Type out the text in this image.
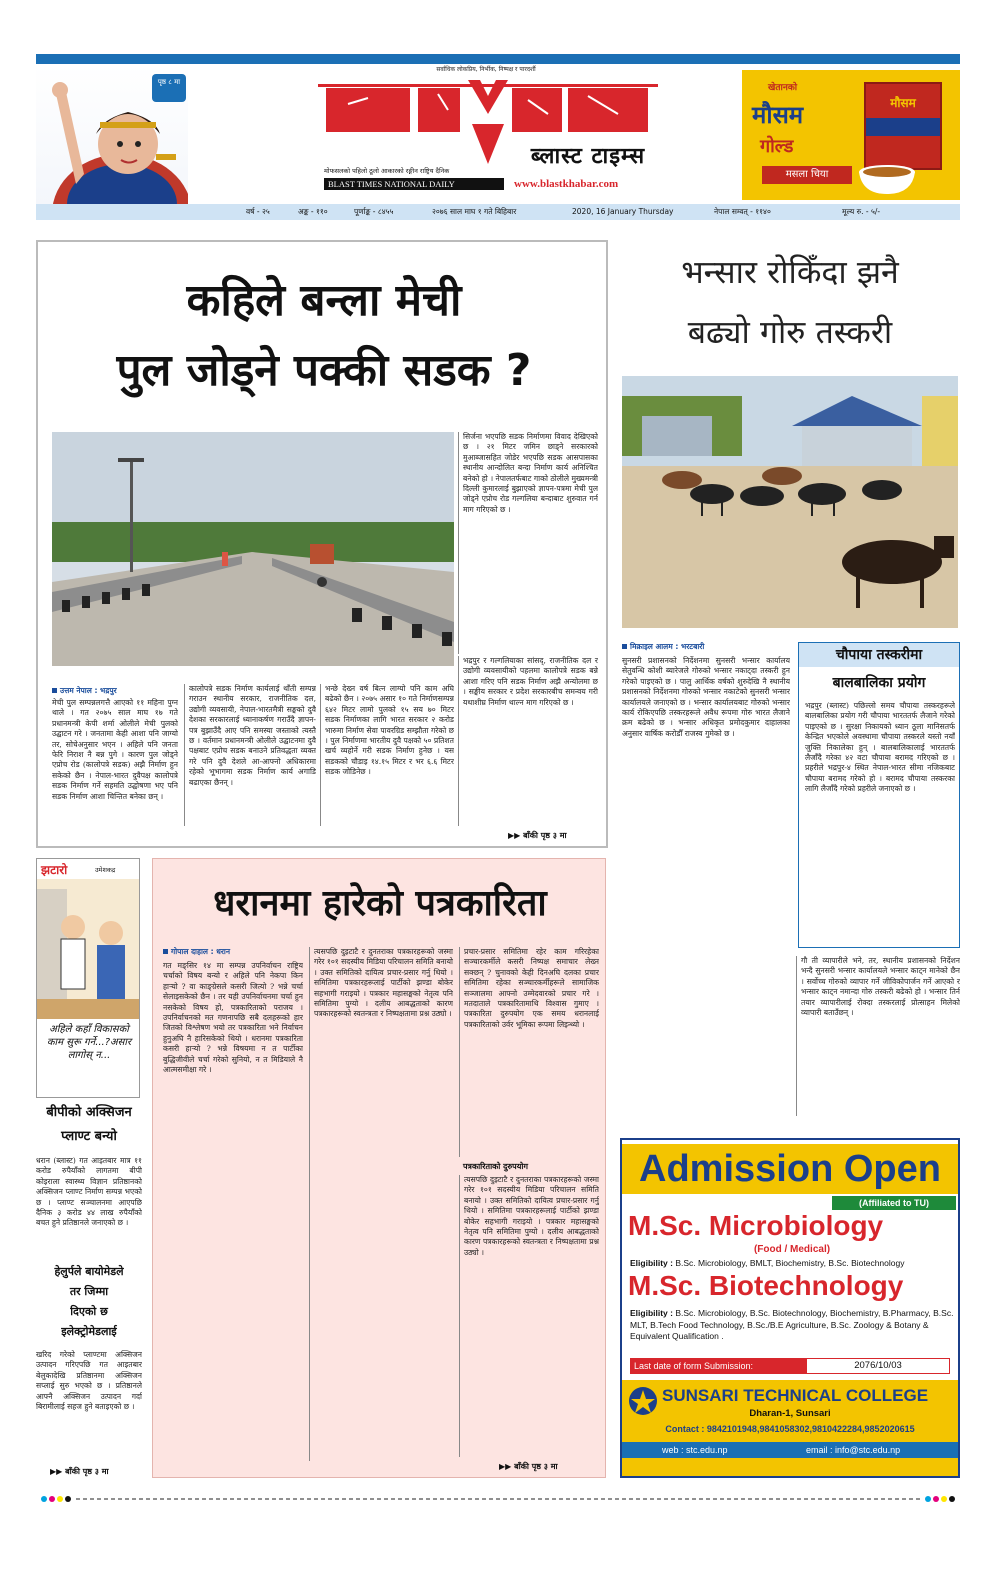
पृष्ठ ८ मा
सर्वाधिक लोकप्रिय, निर्भीक, निष्पक्ष र पारदर्शी
ब्लास्ट टाइम्स
मोफसलको पहिलो ठूलो आकारको रङ्गीन राष्ट्रिय दैनिक
BLAST TIMES NATIONAL DAILY	www.blastkhabar.com
खेतानको
मौसम
गोल्ड
मसला चिया
मौसम
वर्ष - २५	अङ्क - ११०	पूर्णाङ्क - ८४५५	२०७६ साल माघ १ गते बिहिबार	2020, 16 January Thursday	नेपाल सम्वत् - ११४०	मूल्य रु. - ५/-
कहिले बन्ला मेची
पुल जोड्ने पक्की सडक ?
उत्तम नेपाल : भद्रपुर
मेची पुल सम्पन्नलगत्तै आएको ११ महिना पुग्न थाले । गत २०७५ साल माघ १७ गते प्रधानमन्त्री केपी शर्मा ओलीले मेची पुलको उद्घाटन गरे । जनतामा केही आशा पनि जाग्यो तर, सोचेअनुसार भएन । अहिले पनि जनता फेरि निराश नै बन्न पुगे । कारण पुल जोड्ने एप्रोच रोड (कालोपत्रे सडक) अझै निर्माण हुन सकेको छैन । नेपाल-भारत दुवैपक्ष कालोपत्रे सडक निर्माण गर्ने सहमति उद्घोषणा भए पनि सडक निर्माण आशा चिन्तित बनेका छन् ।
कालोपत्रे सडक निर्माण कार्यलाई थाँती सम्पन्न गराउन स्थानीय सरकार, राजनीतिक दल, उद्योगी व्यवसायी, नेपाल-भारतमैत्री सङ्घको दुवै देशका सरकारलाई ध्यानाकर्षण गराउँदै ज्ञापन-पत्र बुझाउँदै आए पनि समस्या जस्ताको त्यस्तै छ । वर्तमान प्रधानमन्त्री ओलीले उद्घाटनमा दुवै पक्षबाट एप्रोच सडक बनाउने प्रतिवद्धता व्यक्त गरे पनि दुवै देशले आ-आफ्नो अधिकारमा रहेको भूभागमा सडक निर्माण कार्य अगाडि बढाएका छैनन् ।
भन्छे देख्न वर्ष बित्न लाग्यो पनि काम अघि बढेको छैन । २०७५ असार १० गते निर्माणसम्पन्न ६४२ मिटर लामो पुलको १५ सय ७० मिटर सडक निर्माणका लागि भारत सरकार २ करोड भारुमा निर्माण सेवा पावरग्रिड सम्झौता गरेको छ । पुल निर्माणमा भारतीय दुवै पक्षको ५० प्रतिशत खर्च व्यहोर्ने गरी सडक निर्माण हुनेछ । यस सडकको चौडाइ १४.१५ मिटर र भर ६.६ मिटर सडक जोडिनेछ ।
सिर्जना भएपछि सडक निर्माणमा विवाद देखिएको छ । २१ मिटर जमिन छाड्ने सरकारको मुआब्जासहित जोडेर भएपछि सडक आसपासका स्थानीय आन्दोलित बन्दा निर्माण कार्य अनिश्चित बनेको हो । नेपालतर्फबाट गाको ठोलीले मुख्यमन्त्री दिल्ली कुमारलाई बुझाएको ज्ञापन-पत्रमा मेची पुल जोड्ने एप्रोच रोड गल्गलिया बन्दाबाट शुरुवात गर्न माग गरिएको छ ।
भद्रपुर र गल्गलियाका सांसद्, राजनीतिक दल र उद्योगी व्यवसायीको पहलमा कालोपत्रे सडक बन्ने आशा गरिए पनि सडक निर्माण अझै अन्योलमा छ । सङ्घीय सरकार र प्रदेश सरकारबीच समन्वय गरी यथाशीघ्र निर्माण थाल्न माग गरिएको छ ।
▶▶ बाँकी पृष्ठ ३ मा
भन्सार रोकिँदा झनै
बढ्यो गोरु तस्करी
मिक्राइल आलम : भरटबारी
सुनसरी प्रशासनको निर्देशनमा सुनसरी भन्सार कार्यालय सेतुवन्धि कोशी ब्यारेजले गोरुको भन्सार नकाट्दा तस्करी हुन गरेको पाइएको छ । पालु आर्थिक वर्षको शुरुदेखि नै स्थानीय प्रशासनको निर्देशनमा गोरुको भन्सार नकाटेको सुनसरी भन्सार कार्यालयले जनाएको छ । भन्सार कार्यालयबाट गोरुको भन्सार कार्य रोकिएपछि तस्करहरूले अवैध रूपमा गोरु भारत लैजाने क्रम बढेको छ । भन्सार अधिकृत प्रमोदकुमार दाहालका अनुसार वार्षिक करोडौँ राजस्व गुमेको छ ।
गौ ती व्यापारीले भने, तर, स्थानीय प्रशासनको निर्देशन भन्दै सुनसरी भन्सार कार्यालयले भन्सार काट्न मानेको छैन । सर्वोच्च गोरुको व्यापार गर्ने जीविकोपार्जन गर्ने आएको र भन्सार काट्न नमान्दा गोरु तस्करी बढेको हो । भन्सार तिर्न तयार व्यापारीलाई रोक्दा तस्करलाई प्रोत्साहन मिलेको व्यापारी बताउँछन् ।
चौपाया तस्करीमा
बालबालिका प्रयोग
भद्रपुर (ब्लास्ट) पछिल्लो समय चौपाया तस्करहरूले बालबालिका प्रयोग गरी चौपाया भारततर्फ लैजाने गरेको पाइएको छ । सुरक्षा निकायको ध्यान ठूला मानिसतर्फ केन्द्रित भएकोले अवस्थामा चौपाया तस्करले यस्तो नयाँ जुक्ति निकालेका हुन् । बालबालिकालाई भारततर्फ लैजाँदै गरेका ४२ वटा चौपाया बरामद गरिएको छ । प्रहरीले भद्रपुर-४ स्थित नेपाल-भारत सीमा नजिकबाट चौपाया बरामद गरेको हो । बरामद चौपाया तस्करका लागि लैजाँदै गरेको प्रहरीले जनाएको छ ।
झटारो	उमेशकद्र
अहिले कहाँ विकासको काम सुरू गर्ने...?असार लागोस् न...
बीपीको अक्सिजन
प्लाण्ट बन्यो
धरान (ब्लास्ट) गत आइतबार मात्र ११ करोड रुपैयाँको लागतमा बीपी कोइराला स्वास्थ्य विज्ञान प्रतिष्ठानको अक्सिजन प्लाण्ट निर्माण सम्पन्न भएको छ । प्लाण्ट सञ्चालनमा आएपछि दैनिक ३ करोड ४४ लाख रुपैयाँको बचत हुने प्रतिष्ठानले जनाएको छ ।
हेलुर्पले बायोमेडले
तर जिम्मा
दिएको छ
इलेक्ट्रोमेडलाई
खरिद गरेको प्लाण्टमा अक्सिजन उत्पादन गरिएपछि गत आइतबार बेलुकादेखि प्रतिष्ठानमा अक्सिजन सप्लाई सुरु भएको छ । प्रतिष्ठानले आफ्नै अक्सिजन उत्पादन गर्दा बिरामीलाई सहज हुने बताइएको छ ।
▶▶ बाँकी पृष्ठ ३ मा
धरानमा हारेको पत्रकारिता
गोपाल दाहाल : धरान
गत मङ्सिर १४ मा सम्पन्न उपनिर्वाचन राष्ट्रिय चर्चाको विषय बन्यो र अहिले पनि नेकपा किन हार्‍यो ? वा काङ्ग्रेसले कसरी जित्यो ? भन्ने चर्चा सेलाइसकेको छैन । तर यही उपनिर्वाचनमा चर्चा हुन नसकेको विषय हो, पत्रकारिताको पराजय । उपनिर्वाचनको मत गणनापछि सबै दलहरूको हार जितको विश्लेषण भयो तर पत्रकारिता भने निर्वाचन हुनुअघि नै हारिसकेको थियो । धरानमा पत्रकारिता कसरी हार्‍यो ? भन्ने विषयमा न त पार्टीका बुद्धिजीवीले चर्चा गरेको सुनियो, न त मिडियाले नै आत्मसमीक्षा गरे ।
त्यसपछि दुइटाटै र दुनतराका पत्रकारहरूको जस्मा गरेर १०१ सदस्यीय मिडिया परिचालन समिति बनायो । उक्त समितिको दायित्व प्रचार-प्रसार गर्नु थियो । समितिमा पत्रकारहरूलाई पार्टीको झण्डा बोकेर सहभागी गराइयो । पत्रकार महासङ्घको नेतृत्व पनि समितिमा पुग्यो । दलीय आबद्धताको कारण पत्रकारहरूको स्वतन्त्रता र निष्पक्षतामा प्रश्न उठ्यो ।
प्रचार-प्रसार समितिमा रहेर काम गरिरहेका सञ्चारकर्मीले कसरी निष्पक्ष समाचार लेख्न सक्छन् ? चुनावको केही दिनअघि दलका प्रचार समितिमा रहेका सञ्चारकर्मीहरूले सामाजिक सञ्जालमा आफ्नो उम्मेदवारको प्रचार गरे । मतदाताले पत्रकारितामाथि विश्वास गुमाए । पत्रकारिता दुरुपयोग एक समय धरानलाई पत्रकारिताको उर्वर भूमिका रूपमा लिइन्थ्यो ।
पत्रकारिताको दुरुपयोग
त्यसपछि दुइटाटै र दुनतराका पत्रकारहरूको जस्मा गरेर १०१ सदस्यीय मिडिया परिचालन समिति बनायो । उक्त समितिको दायित्व प्रचार-प्रसार गर्नु थियो । समितिमा पत्रकारहरूलाई पार्टीको झण्डा बोकेर सहभागी गराइयो । पत्रकार महासङ्घको नेतृत्व पनि समितिमा पुग्यो । दलीय आबद्धताको कारण पत्रकारहरूको स्वतन्त्रता र निष्पक्षतामा प्रश्न उठ्यो ।
▶▶ बाँकी पृष्ठ ३ मा
Admission Open
(Affiliated to TU)
M.Sc. Microbiology
(Food / Medical)
Eligibility : B.Sc. Microbiology, BMLT, Biochemistry, B.Sc. Biotechnology
M.Sc. Biotechnology
Eligibility : B.Sc. Microbiology, B.Sc. Biotechnology, Biochemistry, B.Pharmacy, B.Sc. MLT, B.Tech Food Technology, B.Sc./B.E Agriculture, B.Sc. Zoology & Botany & Equivalent Qualification .
Last date of form Submission:	2076/10/03
SUNSARI TECHNICAL COLLEGE
Dharan-1, Sunsari
Contact : 9842101948,9841058302,9810422284,9852020615
web : stc.edu.np	email : info@stc.edu.np
